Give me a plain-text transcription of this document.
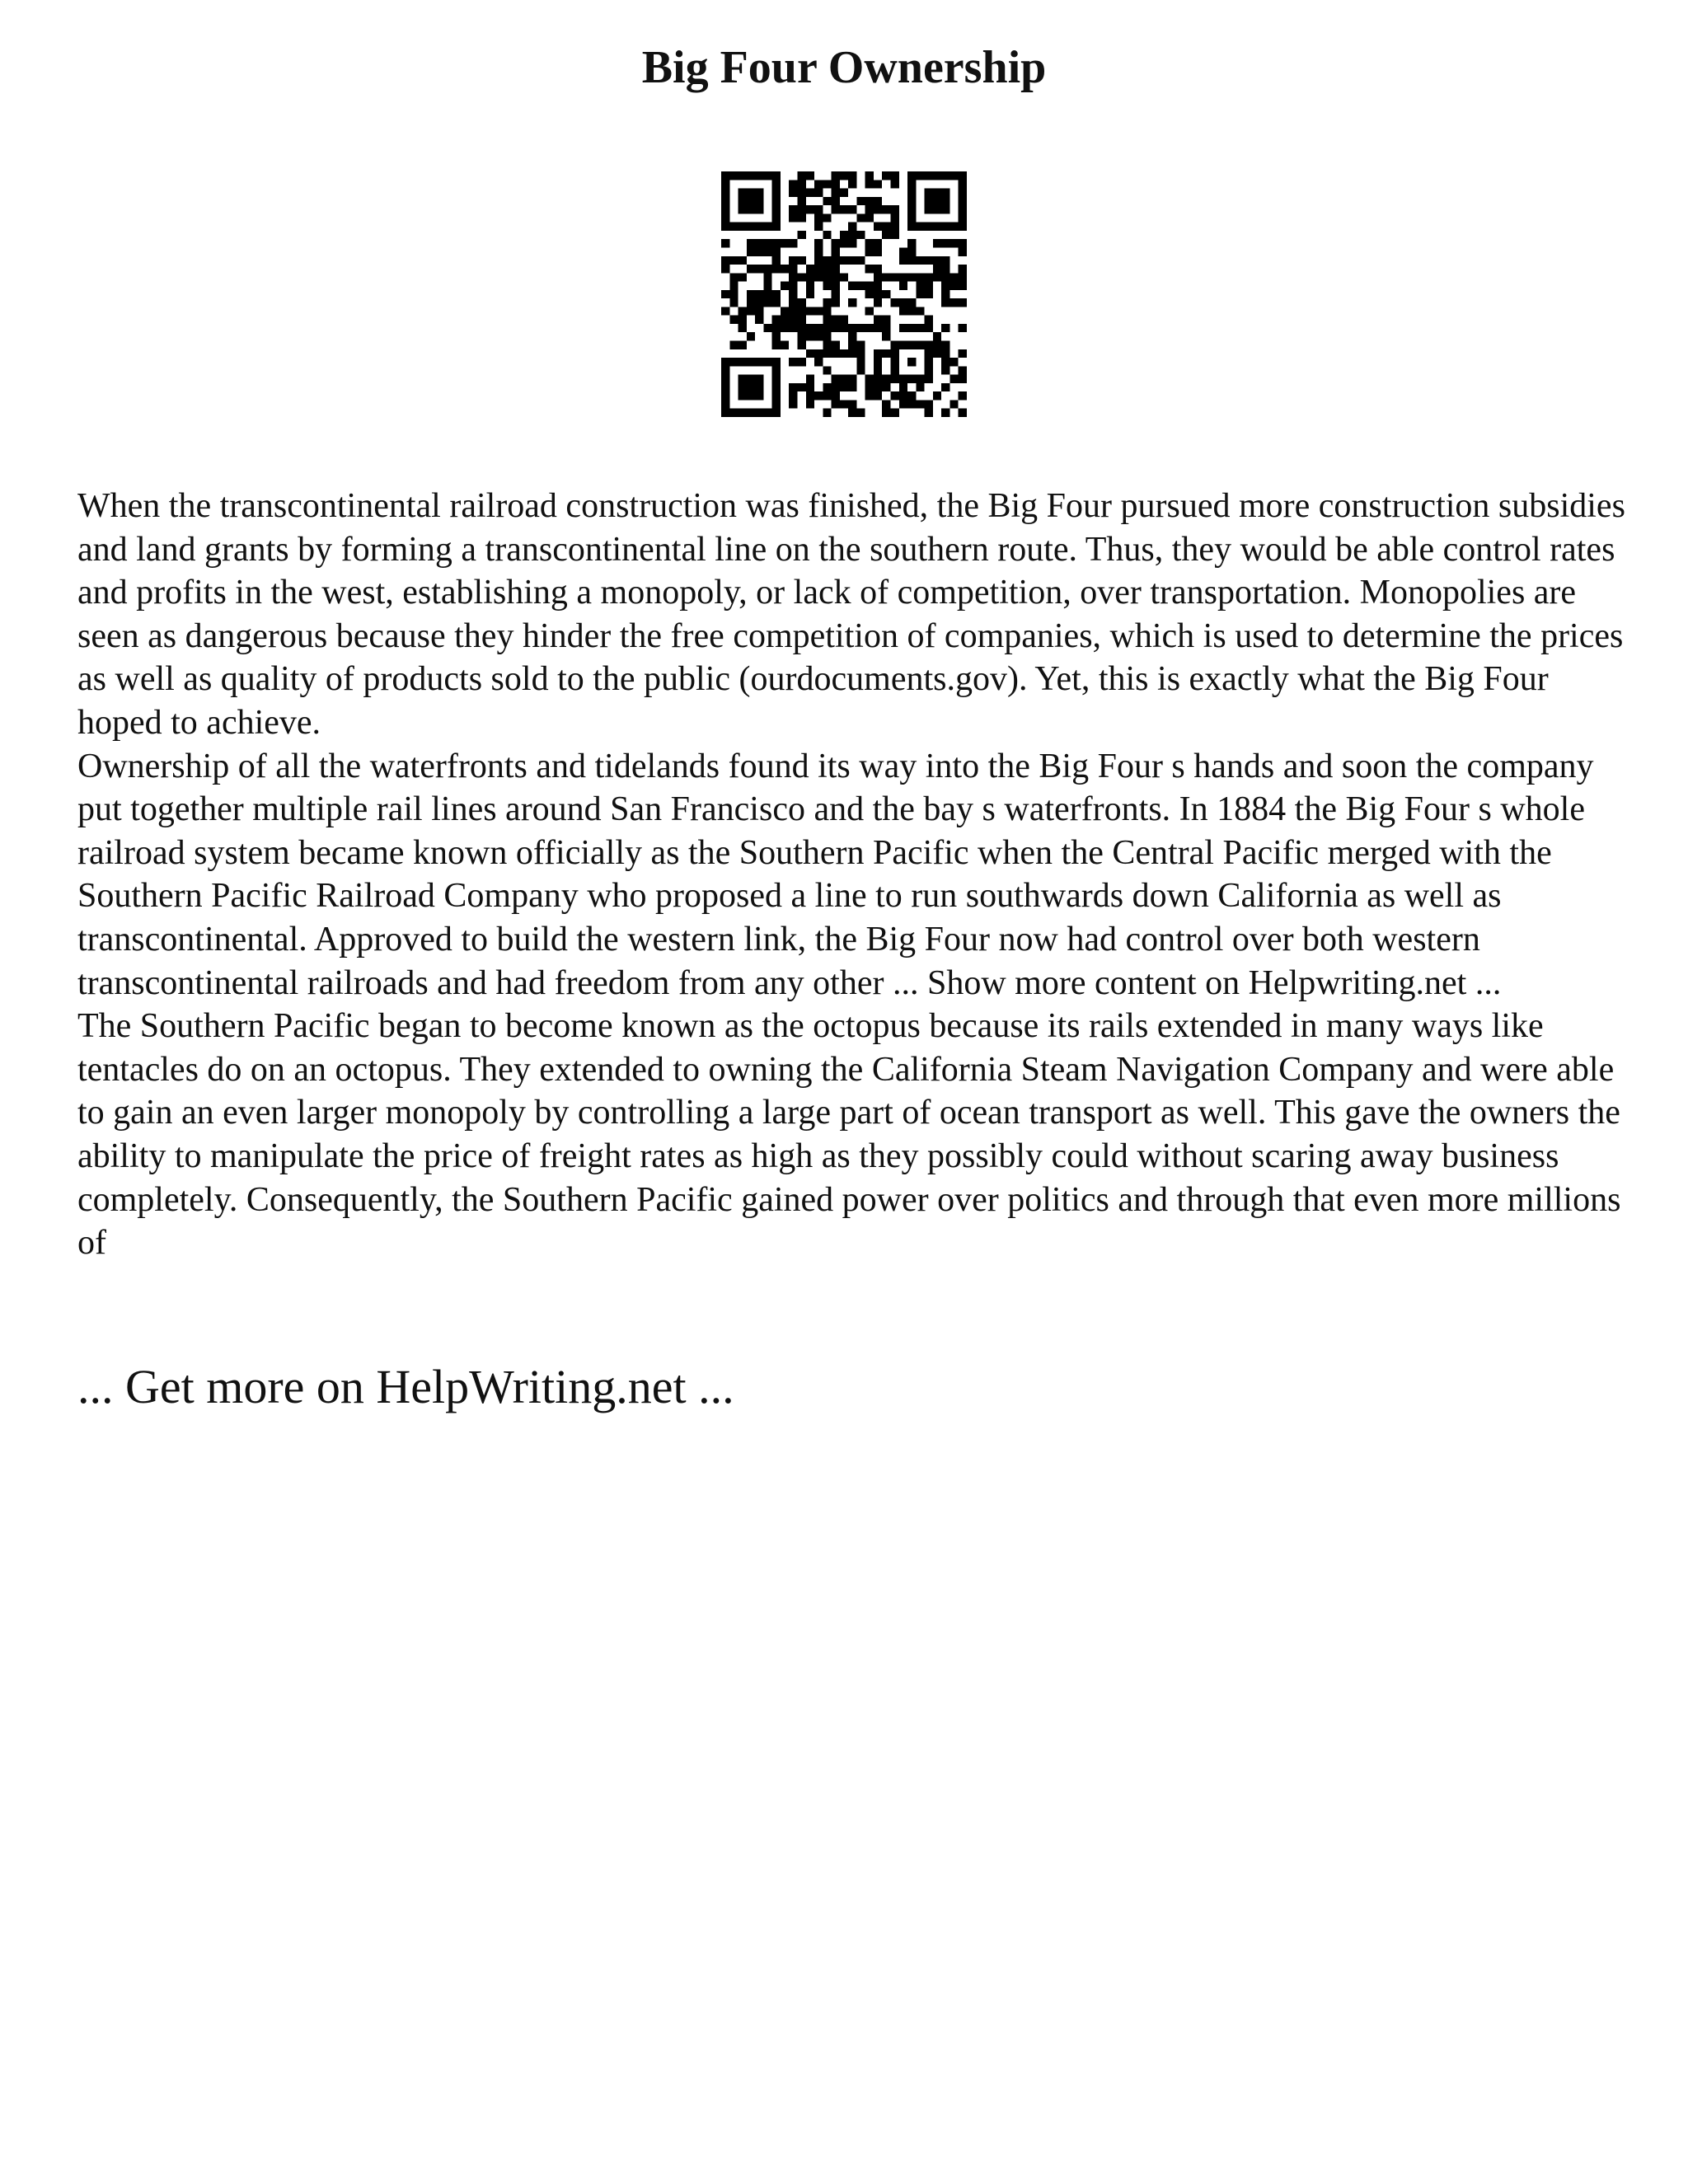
Big Four Ownership

When the transcontinental railroad construction was finished, the Big Four pursued more construction subsidies and land grants by forming a transcontinental line on the southern route. Thus, they would be able control rates and profits in the west, establishing a monopoly, or lack of competition, over transportation. Monopolies are seen as dangerous because they hinder the free competition of companies, which is used to determine the prices as well as quality of products sold to the public (ourdocuments.gov). Yet, this is exactly what the Big Four hoped to achieve.

Ownership of all the waterfronts and tidelands found its way into the Big Four s hands and soon the company put together multiple rail lines around San Francisco and the bay s waterfronts. In 1884 the Big Four s whole railroad system became known officially as the Southern Pacific when the Central Pacific merged with the Southern Pacific Railroad Company who proposed a line to run southwards down California as well as transcontinental. Approved to build the western link, the Big Four now had control over both western transcontinental railroads and had freedom from any other ... Show more content on Helpwriting.net ...

The Southern Pacific began to become known as the octopus because its rails extended in many ways like tentacles do on an octopus. They extended to owning the California Steam Navigation Company and were able to gain an even larger monopoly by controlling a large part of ocean transport as well. This gave the owners the ability to manipulate the price of freight rates as high as they possibly could without scaring away business completely. Consequently, the Southern Pacific gained power over politics and through that even more millions of

... Get more on HelpWriting.net ...
